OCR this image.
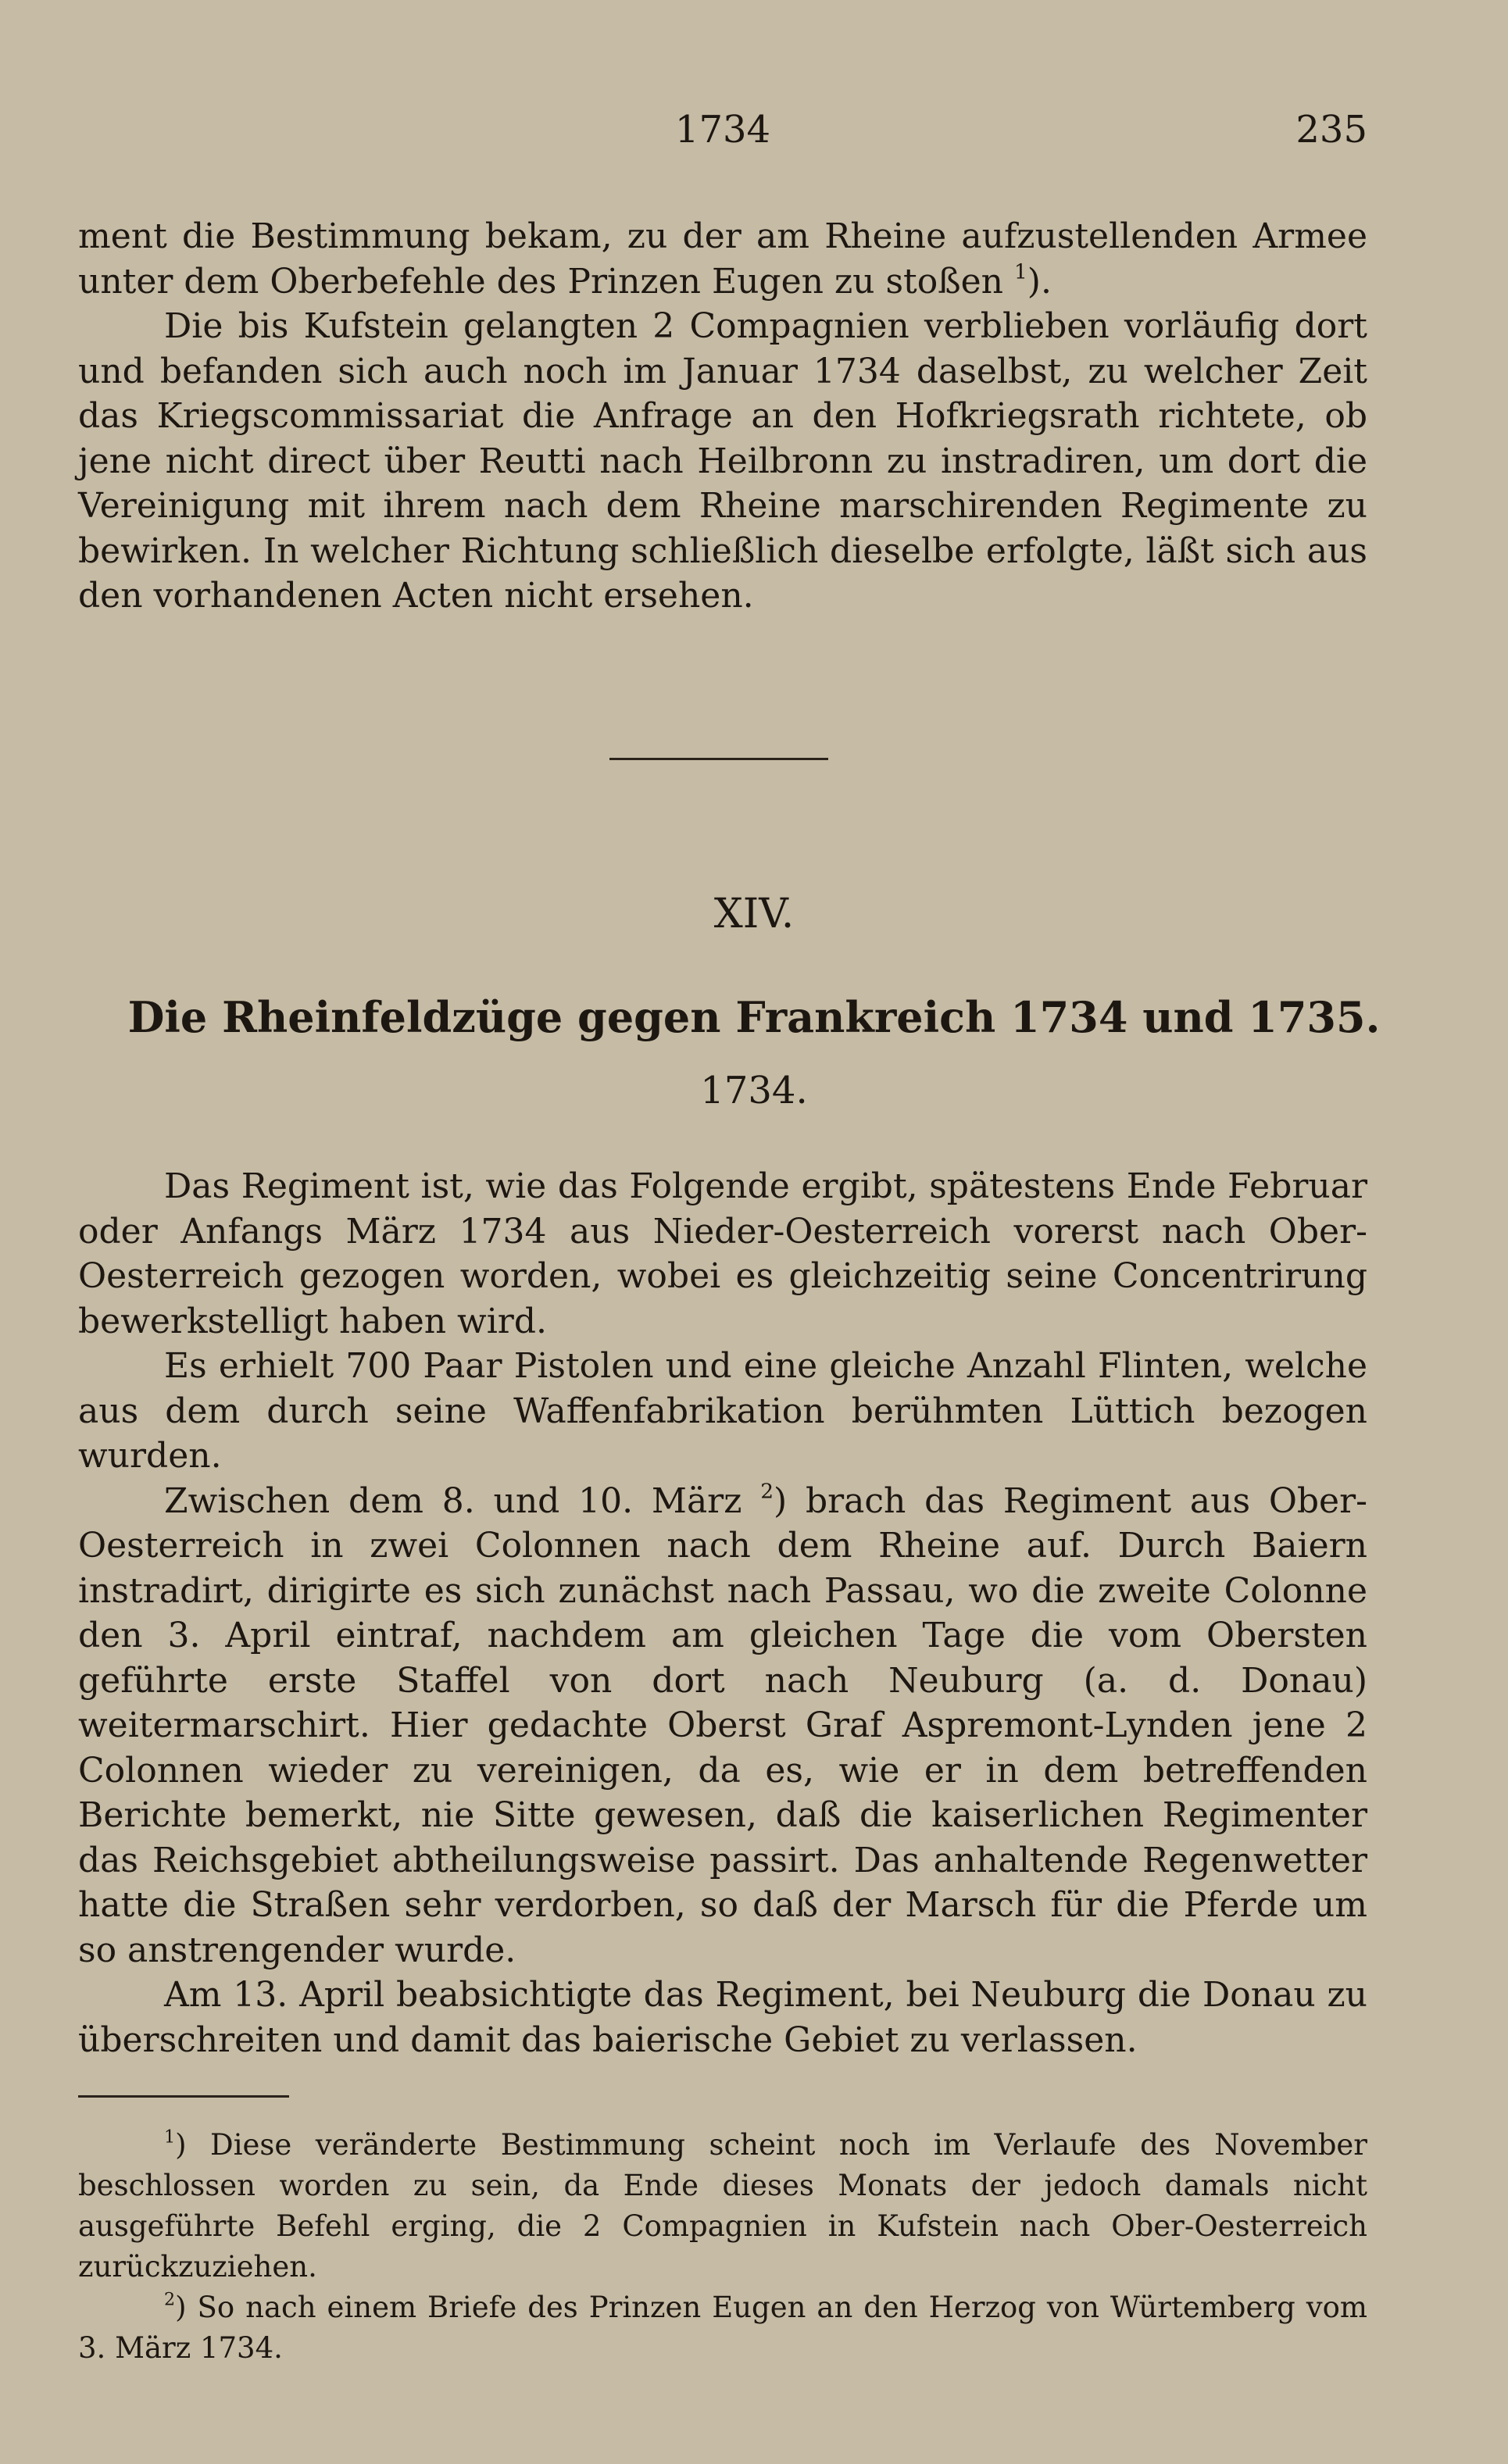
1734	235

ment die Bestimmung bekam, zu der am Rheine aufzustellenden Armee unter dem Oberbefehle des Prinzen Eugen zu stoßen $^1$).

Die bis Kufstein gelangten 2 Compagnien verblieben vorläufig dort und befanden sich auch noch im Januar 1734 daselbst, zu welcher Zeit das Kriegscommissariat die Anfrage an den Hofkriegsrath richtete, ob jene nicht direct über Reutti nach Heilbronn zu instradiren, um dort die Vereinigung mit ihrem nach dem Rheine marschirenden Regimente zu bewirken. In welcher Richtung schließlich dieselbe erfolgte, läßt sich aus den vorhandenen Acten nicht ersehen.

XIV.
Die Rheinfeldzüge gegen Frankreich 1734 und 1735.
1734.

Das Regiment ist, wie das Folgende ergibt, spätestens Ende Februar oder Anfangs März 1734 aus Nieder-Oesterreich vorerst nach Ober-Oesterreich gezogen worden, wobei es gleichzeitig seine Concentrirung bewerkstelligt haben wird.

Es erhielt 700 Paar Pistolen und eine gleiche Anzahl Flinten, welche aus dem durch seine Waffenfabrikation berühmten Lüttich bezogen wurden.

Zwischen dem 8. und 10. März $^2$) brach das Regiment aus Ober-Oesterreich in zwei Colonnen nach dem Rheine auf. Durch Baiern instradirt, dirigirte es sich zunächst nach Passau, wo die zweite Colonne den 3. April eintraf, nachdem am gleichen Tage die vom Obersten geführte erste Staffel von dort nach Neuburg (a. d. Donau) weitermarschirt. Hier gedachte Oberst Graf Aspremont-Lynden jene 2 Colonnen wieder zu vereinigen, da es, wie er in dem betreffenden Berichte bemerkt, nie Sitte gewesen, daß die kaiserlichen Regimenter das Reichsgebiet abtheilungsweise passirt. Das anhaltende Regenwetter hatte die Straßen sehr verdorben, so daß der Marsch für die Pferde um so anstrengender wurde.

Am 13. April beabsichtigte das Regiment, bei Neuburg die Donau zu überschreiten und damit das baierische Gebiet zu verlassen.

$^1$) Diese veränderte Bestimmung scheint noch im Verlaufe des November beschlossen worden zu sein, da Ende dieses Monats der jedoch damals nicht ausgeführte Befehl erging, die 2 Compagnien in Kufstein nach Ober-Oesterreich zurückzuziehen.

$^2$) So nach einem Briefe des Prinzen Eugen an den Herzog von Würtemberg vom 3. März 1734.
